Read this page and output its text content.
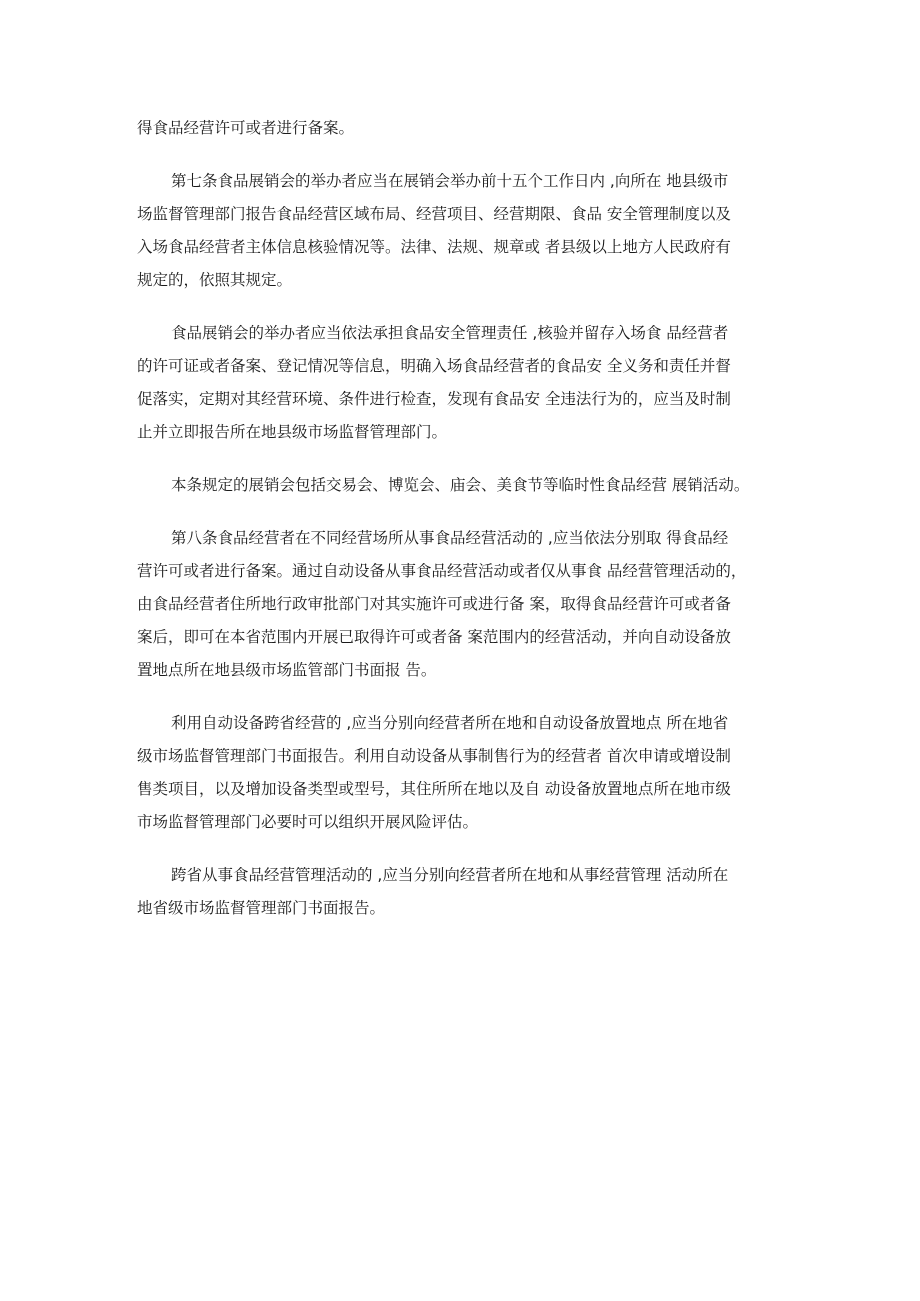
得食品经营许可或者进行备案。

第七条食品展销会的举办者应当在展销会举办前十五个工作日内 ,向所在 地县级市
场监督管理部门报告食品经营区域布局、经营项目、经营期限、食品 安全管理制度以及
入场食品经营者主体信息核验情况等。法律、法规、规章或 者县级以上地方人民政府有
规定的，依照其规定。

食品展销会的举办者应当依法承担食品安全管理责任 ,核验并留存入场食 品经营者
的许可证或者备案、登记情况等信息，明确入场食品经营者的食品安 全义务和责任并督
促落实，定期对其经营环境、条件进行检查，发现有食品安 全违法行为的，应当及时制
止并立即报告所在地县级市场监督管理部门。

本条规定的展销会包括交易会、博览会、庙会、美食节等临时性食品经营 展销活动。

第八条食品经营者在不同经营场所从事食品经营活动的 ,应当依法分别取 得食品经
营许可或者进行备案。通过自动设备从事食品经营活动或者仅从事食 品经营管理活动的，
由食品经营者住所地行政审批部门对其实施许可或进行备 案，取得食品经营许可或者备
案后，即可在本省范围内开展已取得许可或者备 案范围内的经营活动，并向自动设备放
置地点所在地县级市场监管部门书面报 告。

利用自动设备跨省经营的 ,应当分别向经营者所在地和自动设备放置地点 所在地省
级市场监督管理部门书面报告。利用自动设备从事制售行为的经营者 首次申请或增设制
售类项目，以及增加设备类型或型号，其住所所在地以及自 动设备放置地点所在地市级
市场监督管理部门必要时可以组织开展风险评估。

跨省从事食品经营管理活动的 ,应当分别向经营者所在地和从事经营管理 活动所在
地省级市场监督管理部门书面报告。
